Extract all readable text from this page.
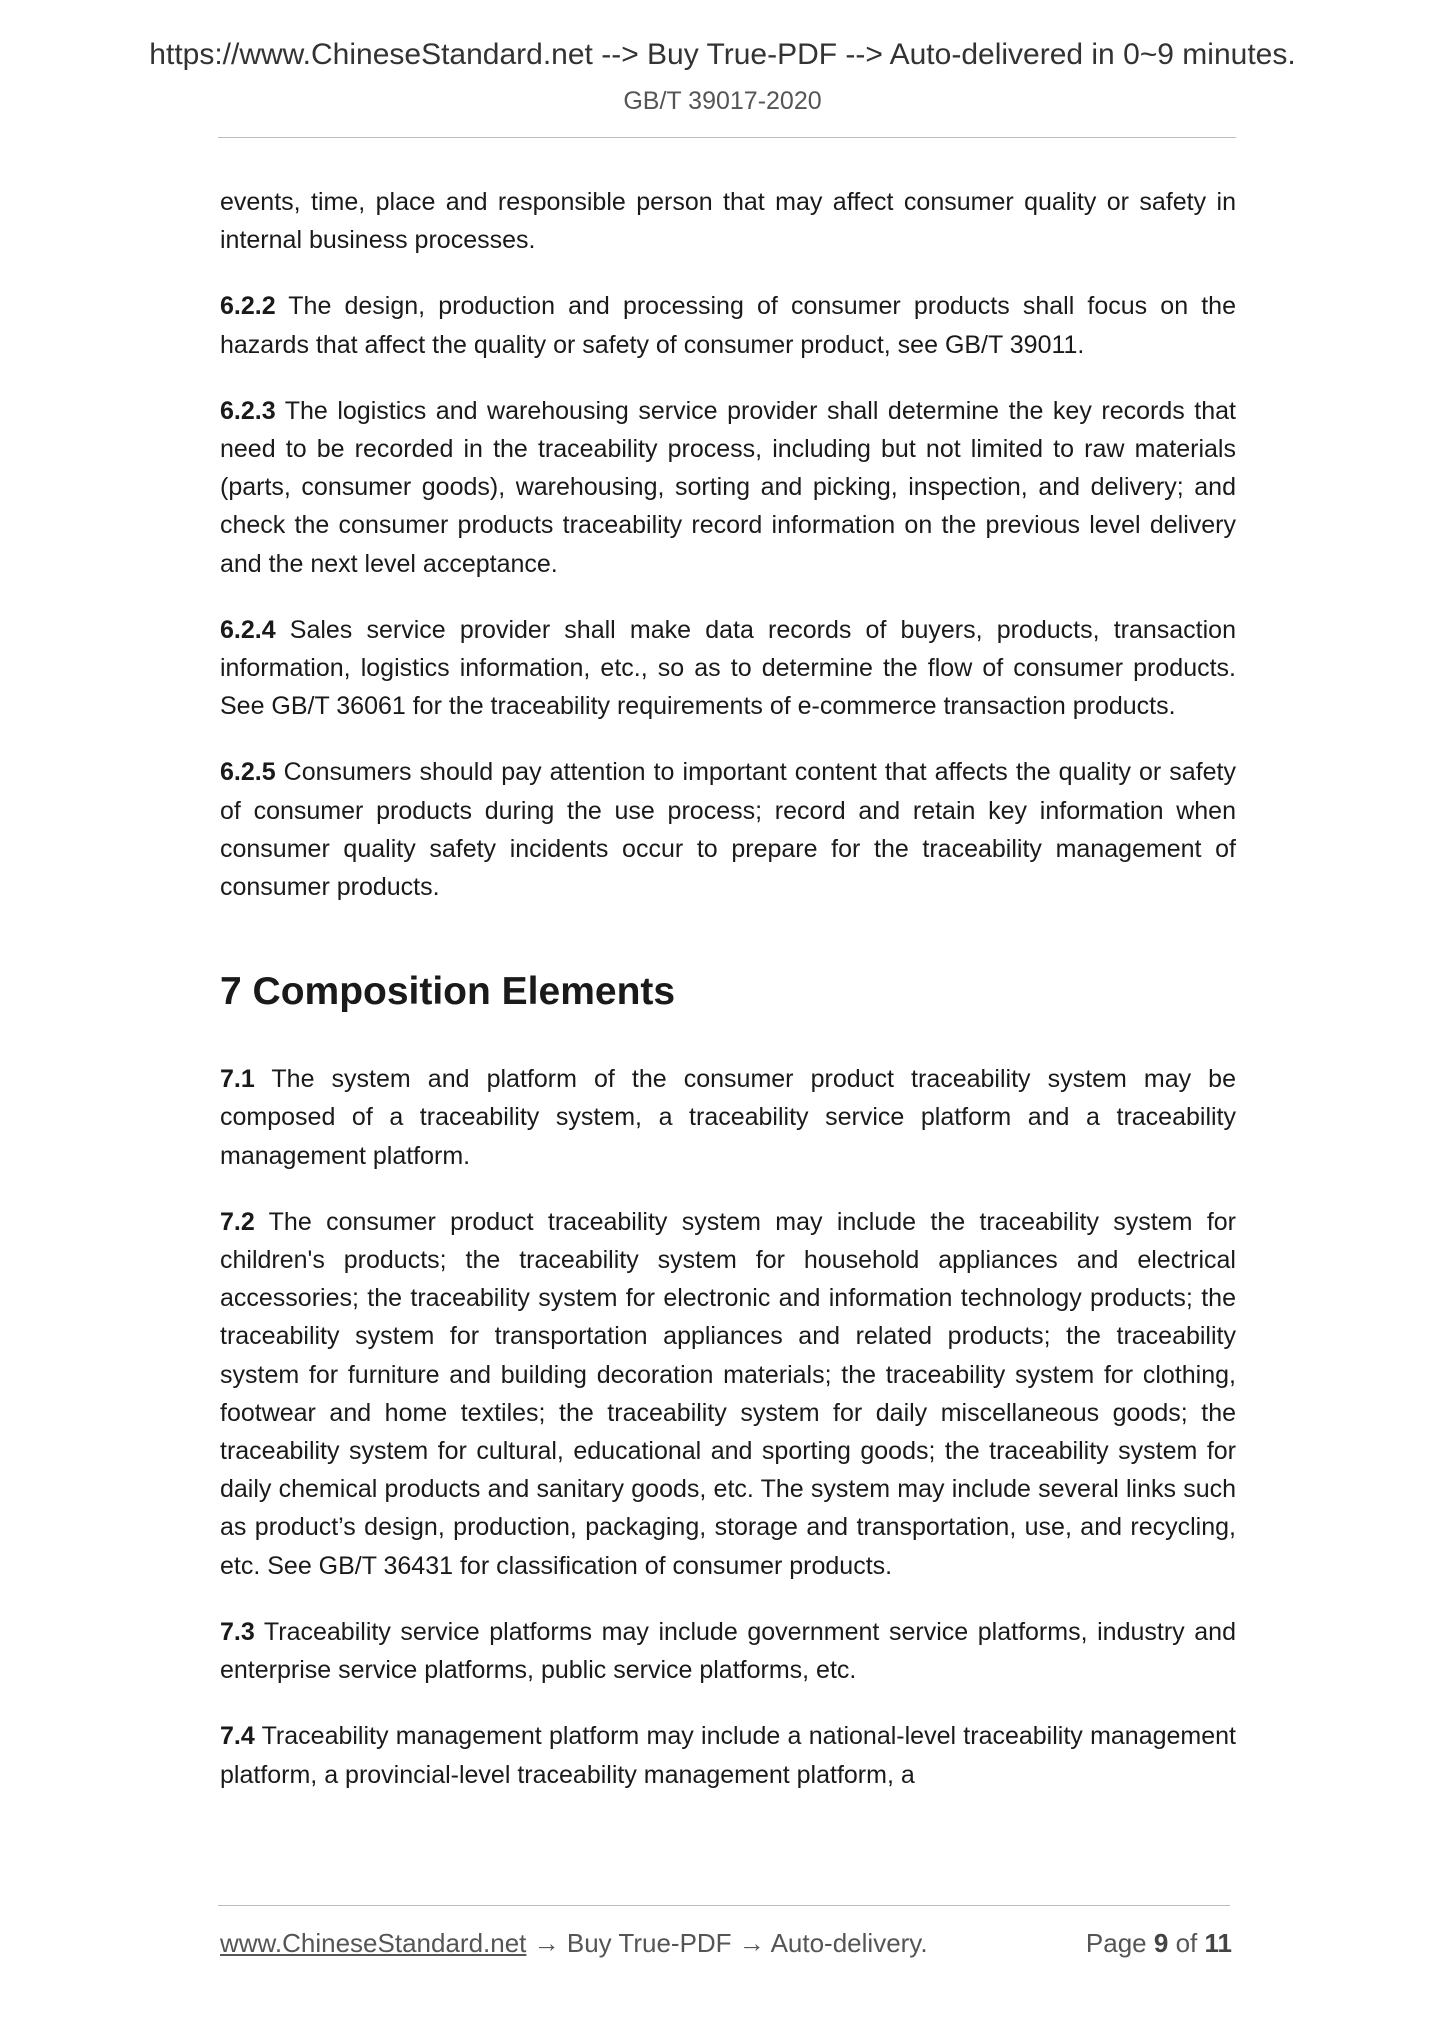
https://www.ChineseStandard.net --> Buy True-PDF --> Auto-delivered in 0~9 minutes.
GB/T 39017-2020

events, time, place and responsible person that may affect consumer quality or safety in internal business processes.

6.2.2 The design, production and processing of consumer products shall focus on the hazards that affect the quality or safety of consumer product, see GB/T 39011.

6.2.3 The logistics and warehousing service provider shall determine the key records that need to be recorded in the traceability process, including but not limited to raw materials (parts, consumer goods), warehousing, sorting and picking, inspection, and delivery; and check the consumer products traceability record information on the previous level delivery and the next level acceptance.

6.2.4 Sales service provider shall make data records of buyers, products, transaction information, logistics information, etc., so as to determine the flow of consumer products. See GB/T 36061 for the traceability requirements of e-commerce transaction products.

6.2.5 Consumers should pay attention to important content that affects the quality or safety of consumer products during the use process; record and retain key information when consumer quality safety incidents occur to prepare for the traceability management of consumer products.

7 Composition Elements

7.1 The system and platform of the consumer product traceability system may be composed of a traceability system, a traceability service platform and a traceability management platform.

7.2 The consumer product traceability system may include the traceability system for children's products; the traceability system for household appliances and electrical accessories; the traceability system for electronic and information technology products; the traceability system for transportation appliances and related products; the traceability system for furniture and building decoration materials; the traceability system for clothing, footwear and home textiles; the traceability system for daily miscellaneous goods; the traceability system for cultural, educational and sporting goods; the traceability system for daily chemical products and sanitary goods, etc. The system may include several links such as product’s design, production, packaging, storage and transportation, use, and recycling, etc. See GB/T 36431 for classification of consumer products.

7.3 Traceability service platforms may include government service platforms, industry and enterprise service platforms, public service platforms, etc.

7.4 Traceability management platform may include a national-level traceability management platform, a provincial-level traceability management platform, a

www.ChineseStandard.net → Buy True-PDF → Auto-delivery.	Page 9 of 11
